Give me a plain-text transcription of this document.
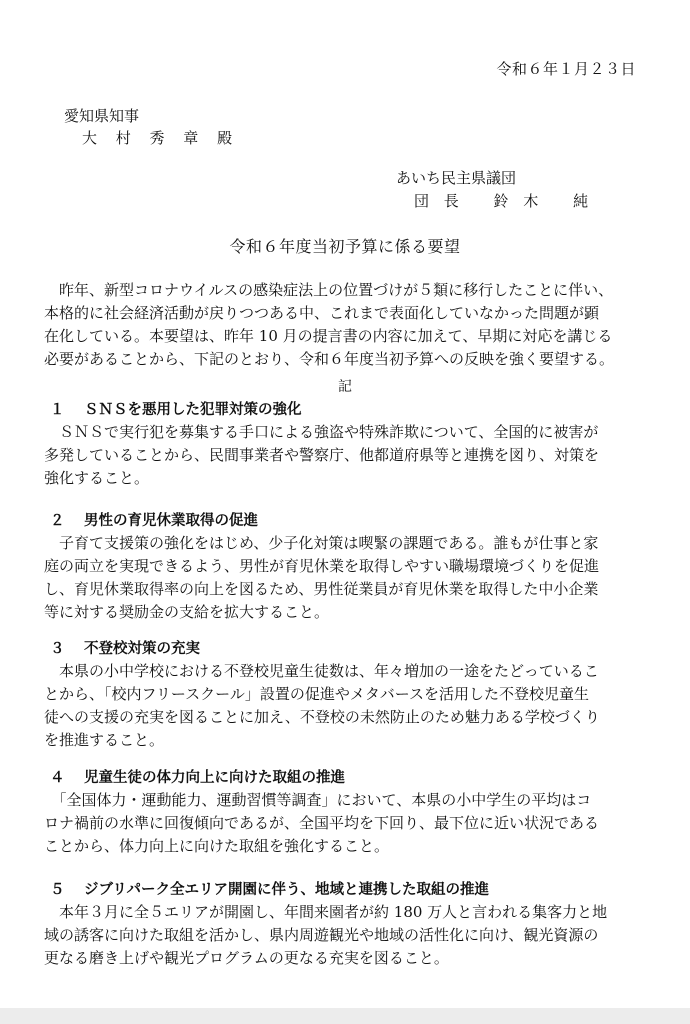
令和６年１月２３日

愛知県知事

大 村 秀 章 殿

あいち民主県議団

団 長　 鈴 木　 純

令和６年度当初予算に係る要望

　昨年、新型コロナウイルスの感染症法上の位置づけが５類に移行したことに伴い、
本格的に社会経済活動が戻りつつある中、これまで表面化していなかった問題が顕
在化している。本要望は、昨年 10 月の提言書の内容に加えて、早期に対応を講じる
必要があることから、下記のとおり、令和６年度当初予算への反映を強く要望する。

記

１ ＳＮＳを悪用した犯罪対策の強化

　ＳＮＳで実行犯を募集する手口による強盗や特殊詐欺について、全国的に被害が
多発していることから、民間事業者や警察庁、他都道府県等と連携を図り、対策を
強化すること。

２ 男性の育児休業取得の促進

　子育て支援策の強化をはじめ、少子化対策は喫緊の課題である。誰もが仕事と家
庭の両立を実現できるよう、男性が育児休業を取得しやすい職場環境づくりを促進
し、育児休業取得率の向上を図るため、男性従業員が育児休業を取得した中小企業
等に対する奨励金の支給を拡大すること。

３ 不登校対策の充実

　本県の小中学校における不登校児童生徒数は、年々増加の一途をたどっているこ
とから、「校内フリースクール」設置の促進やメタバースを活用した不登校児童生
徒への支援の充実を図ることに加え、不登校の未然防止のため魅力ある学校づくり
を推進すること。

４ 児童生徒の体力向上に向けた取組の推進

　「全国体力・運動能力、運動習慣等調査」において、本県の小中学生の平均はコ
ロナ禍前の水準に回復傾向であるが、全国平均を下回り、最下位に近い状況である
ことから、体力向上に向けた取組を強化すること。

５ ジブリパーク全エリア開園に伴う、地域と連携した取組の推進

　本年３月に全５エリアが開園し、年間来園者が約 180 万人と言われる集客力と地
域の誘客に向けた取組を活かし、県内周遊観光や地域の活性化に向け、観光資源の
更なる磨き上げや観光プログラムの更なる充実を図ること。
